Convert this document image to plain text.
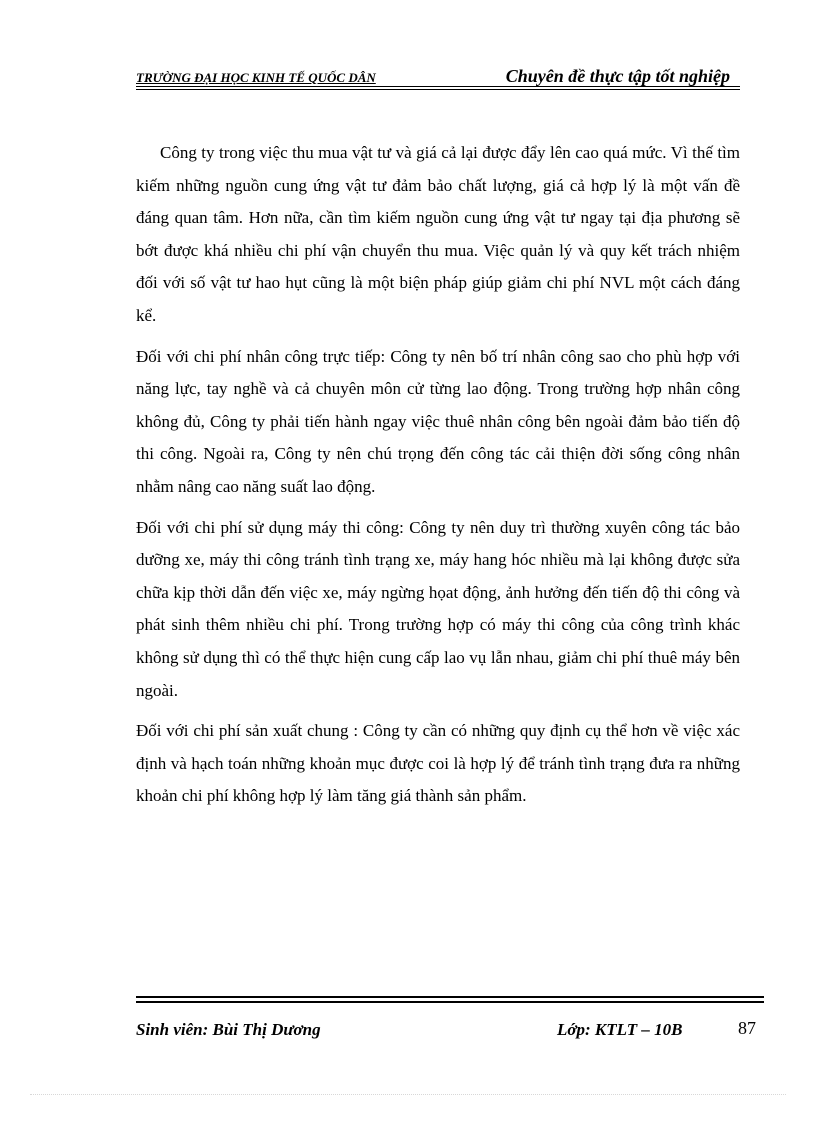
TRƯỜNG ĐẠI HỌC KINH TẾ QUỐC DÂN	Chuyên đề thực tập tốt nghiệp

Công ty trong việc thu mua vật tư và giá cả lại được đẩy lên cao quá mức. Vì thế tìm kiếm những nguồn cung ứng vật tư đảm bảo chất lượng, giá cả hợp lý là một vấn đề đáng quan tâm. Hơn nữa, cần tìm kiếm nguồn cung ứng vật tư ngay tại địa phương sẽ bớt được khá nhiều chi phí vận chuyển thu mua. Việc quản lý và quy kết trách nhiệm đối với số vật tư hao hụt cũng là một biện pháp giúp giảm chi phí NVL một cách đáng kể.

Đối với chi phí nhân công trực tiếp: Công ty nên bố trí nhân công sao cho phù hợp với năng lực, tay nghề và cả chuyên môn cử từng lao động. Trong trường hợp nhân công không đủ, Công ty phải tiến hành ngay việc thuê nhân công bên ngoài đảm bảo tiến độ thi công. Ngoài ra, Công ty nên chú trọng đến công tác cải thiện đời sống công nhân nhằm nâng cao năng suất lao động.

Đối với chi phí sử dụng máy thi công: Công ty nên duy trì thường xuyên công tác bảo dưỡng xe, máy thi công tránh tình trạng xe, máy hang hóc nhiều mà lại không được sửa chữa kịp thời dẫn đến việc xe, máy ngừng họat động, ảnh hưởng đến tiến độ thi công và phát sinh thêm nhiều chi phí. Trong trường hợp có máy thi công của công trình khác không sử dụng thì có thể thực hiện cung cấp lao vụ lẫn nhau, giảm chi phí thuê máy bên ngoài.

Đối với chi phí sản xuất chung : Công ty cần có những quy định cụ thể hơn về việc xác định và hạch toán những khoản mục được coi là hợp lý để tránh tình trạng đưa ra những khoản chi phí không hợp lý làm tăng giá thành sản phẩm.

Sinh viên: Bùi Thị Dương	Lớp: KTLT – 10B	87
